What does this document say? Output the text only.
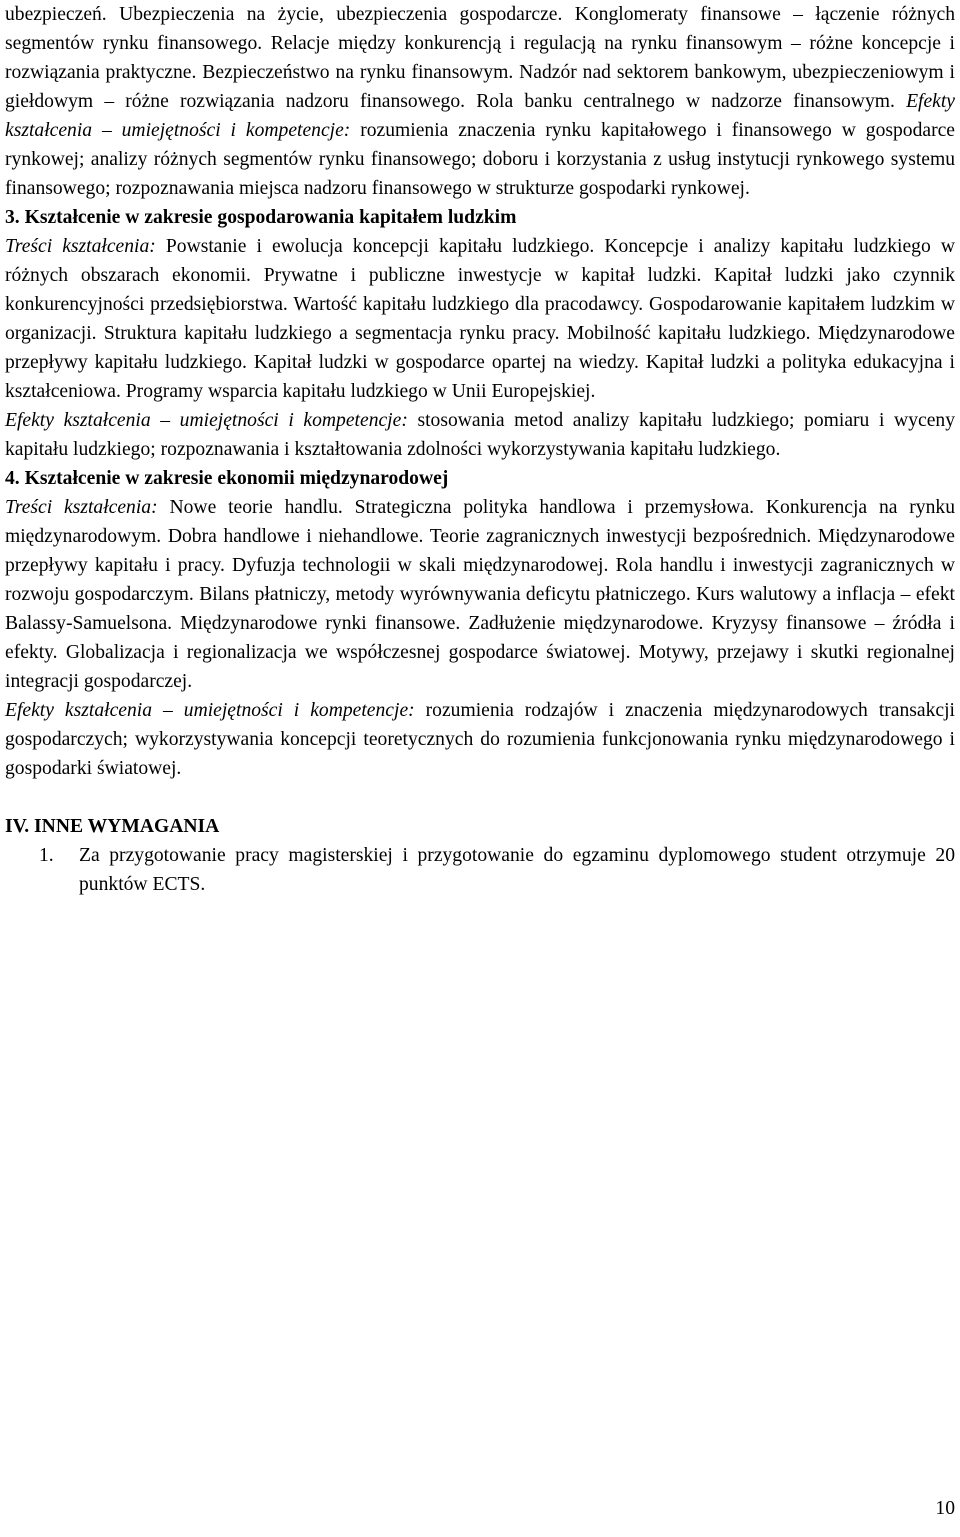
ubezpieczeń. Ubezpieczenia na życie, ubezpieczenia gospodarcze. Konglomeraty finansowe – łączenie różnych segmentów rynku finansowego. Relacje między konkurencją i regulacją na rynku finansowym – różne koncepcje i rozwiązania praktyczne. Bezpieczeństwo na rynku finansowym. Nadzór nad sektorem bankowym, ubezpieczeniowym i giełdowym – różne rozwiązania nadzoru finansowego. Rola banku centralnego w nadzorze finansowym. Efekty kształcenia – umiejętności i kompetencje: rozumienia znaczenia rynku kapitałowego i finansowego w gospodarce rynkowej; analizy różnych segmentów rynku finansowego; doboru i korzystania z usług instytucji rynkowego systemu finansowego; rozpoznawania miejsca nadzoru finansowego w strukturze gospodarki rynkowej.

3. Kształcenie w zakresie gospodarowania kapitałem ludzkim

Treści kształcenia: Powstanie i ewolucja koncepcji kapitału ludzkiego. Koncepcje i analizy kapitału ludzkiego w różnych obszarach ekonomii. Prywatne i publiczne inwestycje w kapitał ludzki. Kapitał ludzki jako czynnik konkurencyjności przedsiębiorstwa. Wartość kapitału ludzkiego dla pracodawcy. Gospodarowanie kapitałem ludzkim w organizacji. Struktura kapitału ludzkiego a segmentacja rynku pracy. Mobilność kapitału ludzkiego. Międzynarodowe przepływy kapitału ludzkiego. Kapitał ludzki w gospodarce opartej na wiedzy. Kapitał ludzki a polityka edukacyjna i kształceniowa. Programy wsparcia kapitału ludzkiego w Unii Europejskiej.

Efekty kształcenia – umiejętności i kompetencje: stosowania metod analizy kapitału ludzkiego; pomiaru i wyceny kapitału ludzkiego; rozpoznawania i kształtowania zdolności wykorzystywania kapitału ludzkiego.

4. Kształcenie w zakresie ekonomii międzynarodowej

Treści kształcenia: Nowe teorie handlu. Strategiczna polityka handlowa i przemysłowa. Konkurencja na rynku międzynarodowym. Dobra handlowe i niehandlowe. Teorie zagranicznych inwestycji bezpośrednich. Międzynarodowe przepływy kapitału i pracy. Dyfuzja technologii w skali międzynarodowej. Rola handlu i inwestycji zagranicznych w rozwoju gospodarczym. Bilans płatniczy, metody wyrównywania deficytu płatniczego. Kurs walutowy a inflacja – efekt Balassy-Samuelsona. Międzynarodowe rynki finansowe. Zadłużenie międzynarodowe. Kryzysy finansowe – źródła i efekty. Globalizacja i regionalizacja we współczesnej gospodarce światowej. Motywy, przejawy i skutki regionalnej integracji gospodarczej.

Efekty kształcenia – umiejętności i kompetencje: rozumienia rodzajów i znaczenia międzynarodowych transakcji gospodarczych; wykorzystywania koncepcji teoretycznych do rozumienia funkcjonowania rynku międzynarodowego i gospodarki światowej.

IV. INNE WYMAGANIA

1.	Za przygotowanie pracy magisterskiej i przygotowanie do egzaminu dyplomowego student otrzymuje 20 punktów ECTS.
10
